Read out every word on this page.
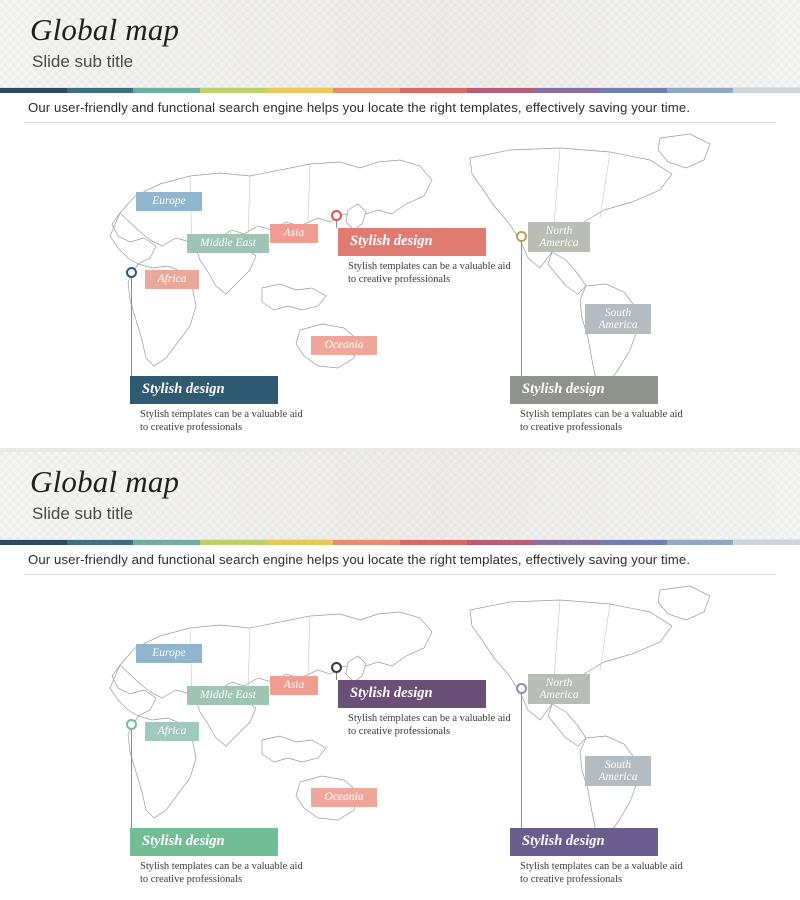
Global map
Slide sub title
Our user-friendly and functional search engine helps you locate the right templates, effectively saving your time.
Europe
Middle East
Asia
Africa
Oceania
North
America
South
America
Stylish design
Stylish templates can be a valuable aid to creative professionals
Stylish design
Stylish templates can be a valuable aid to creative professionals
Stylish design
Stylish templates can be a valuable aid to creative professionals
Global map
Slide sub title
Our user-friendly and functional search engine helps you locate the right templates, effectively saving your time.
Europe
Middle East
Asia
Africa
Oceania
North
America
South
America
Stylish design
Stylish templates can be a valuable aid to creative professionals
Stylish design
Stylish templates can be a valuable aid to creative professionals
Stylish design
Stylish templates can be a valuable aid to creative professionals
